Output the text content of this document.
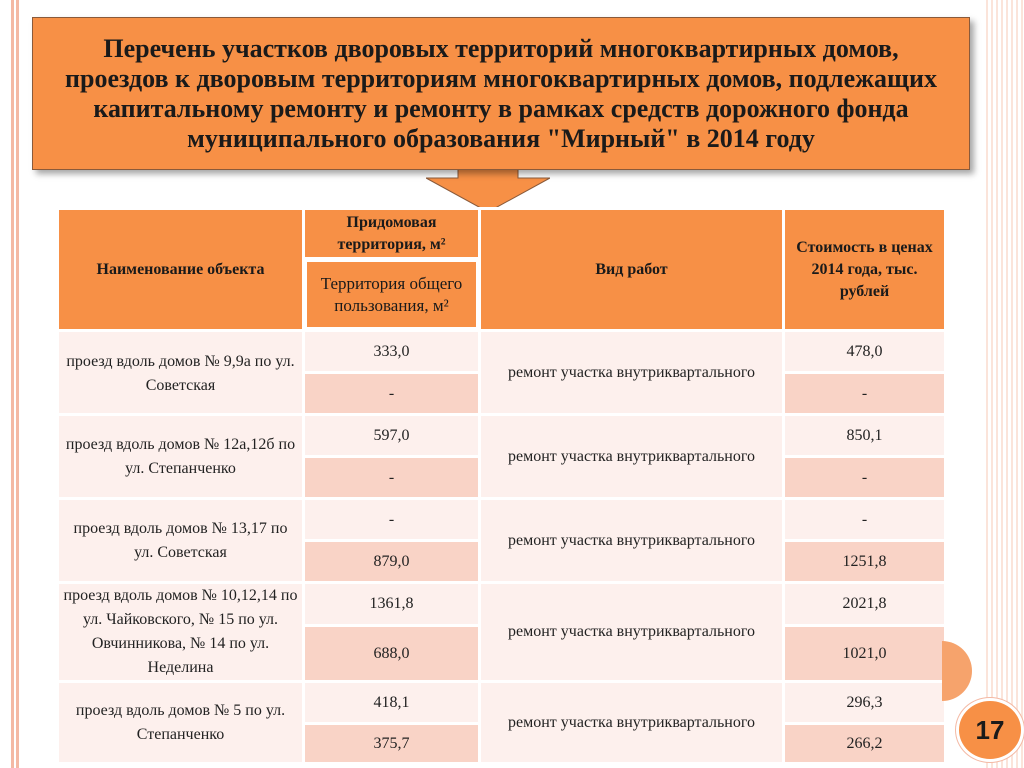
Перечень участков дворовых территорий многоквартирных домов, проездов к дворовым территориям многоквартирных домов, подлежащих капитальному ремонту и ремонту в рамках средств дорожного фонда муниципального образования "Мирный" в 2014 году
Наименование объекта	Придомовая территория, м²	Вид работ	Стоимость в ценах 2014 года, тыс. рублей
	Территория общего пользования, м²		
проезд вдоль домов № 9,9а по ул. Советская	333,0	ремонт участка внутриквартального	478,0
	-		-
проезд вдоль домов № 12а,12б по ул. Степанченко	597,0	ремонт участка внутриквартального	850,1
	-		-
проезд вдоль домов № 13,17 по ул. Советская	-	ремонт участка внутриквартального	-
	879,0		1251,8
проезд вдоль домов № 10,12,14 по ул. Чайковского, № 15 по ул. Овчинникова, № 14 по ул. Неделина	1361,8	ремонт участка внутриквартального	2021,8
	688,0		1021,0
проезд вдоль домов № 5 по ул. Степанченко	418,1	ремонт участка внутриквартального	296,3
	375,7		266,2	17
